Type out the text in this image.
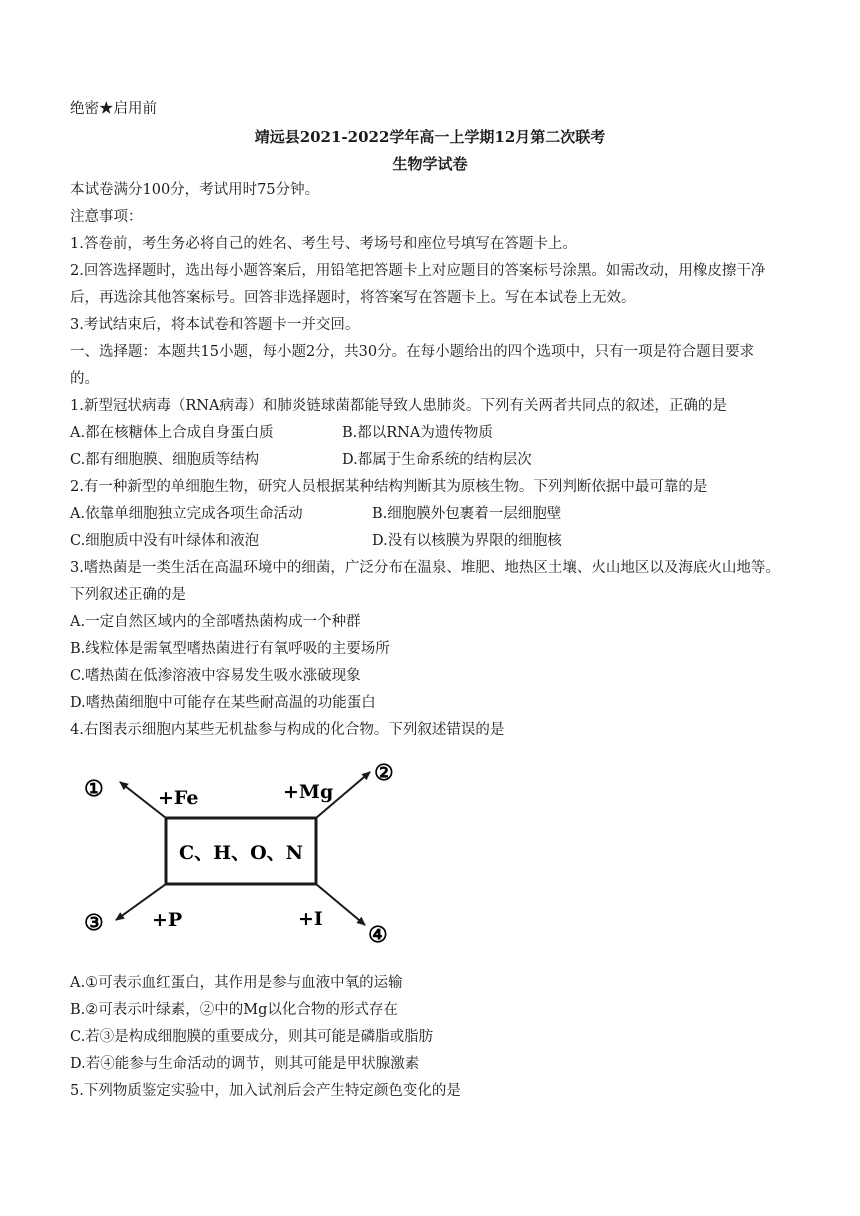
绝密★启用前
靖远县2021-2022学年高一上学期12月第二次联考
生物学试卷
本试卷满分100分，考试用时75分钟。
注意事项：
1.答卷前，考生务必将自己的姓名、考生号、考场号和座位号填写在答题卡上。
2.回答选择题时，选出每小题答案后，用铅笔把答题卡上对应题目的答案标号涂黑。如需改动，用橡皮擦干净
后，再选涂其他答案标号。回答非选择题时，将答案写在答题卡上。写在本试卷上无效。
3.考试结束后，将本试卷和答题卡一并交回。
一、选择题：本题共15小题，每小题2分，共30分。在每小题给出的四个选项中，只有一项是符合题目要求
的。
1.新型冠状病毒（RNA病毒）和肺炎链球菌都能导致人患肺炎。下列有关两者共同点的叙述，正确的是
A.都在核糖体上合成自身蛋白质	B.都以RNA为遗传物质
C.都有细胞膜、细胞质等结构	D.都属于生命系统的结构层次
2.有一种新型的单细胞生物，研究人员根据某种结构判断其为原核生物。下列判断依据中最可靠的是
A.依靠单细胞独立完成各项生命活动	B.细胞膜外包裹着一层细胞壁
C.细胞质中没有叶绿体和液泡	D.没有以核膜为界限的细胞核
3.嗜热菌是一类生活在高温环境中的细菌，广泛分布在温泉、堆肥、地热区土壤、火山地区以及海底火山地等。
下列叙述正确的是
A.一定自然区域内的全部嗜热菌构成一个种群
B.线粒体是需氧型嗜热菌进行有氧呼吸的主要场所
C.嗜热菌在低渗溶液中容易发生吸水涨破现象
D.嗜热菌细胞中可能存在某些耐高温的功能蛋白
4.右图表示细胞内某些无机盐参与构成的化合物。下列叙述错误的是
C、H、O、N
+Fe	+Mg
+P	+I
①
②
③	④
A.①可表示血红蛋白，其作用是参与血液中氧的运输
B.②可表示叶绿素，②中的Mg以化合物的形式存在
C.若③是构成细胞膜的重要成分，则其可能是磷脂或脂肪
D.若④能参与生命活动的调节，则其可能是甲状腺激素
5.下列物质鉴定实验中，加入试剂后会产生特定颜色变化的是
